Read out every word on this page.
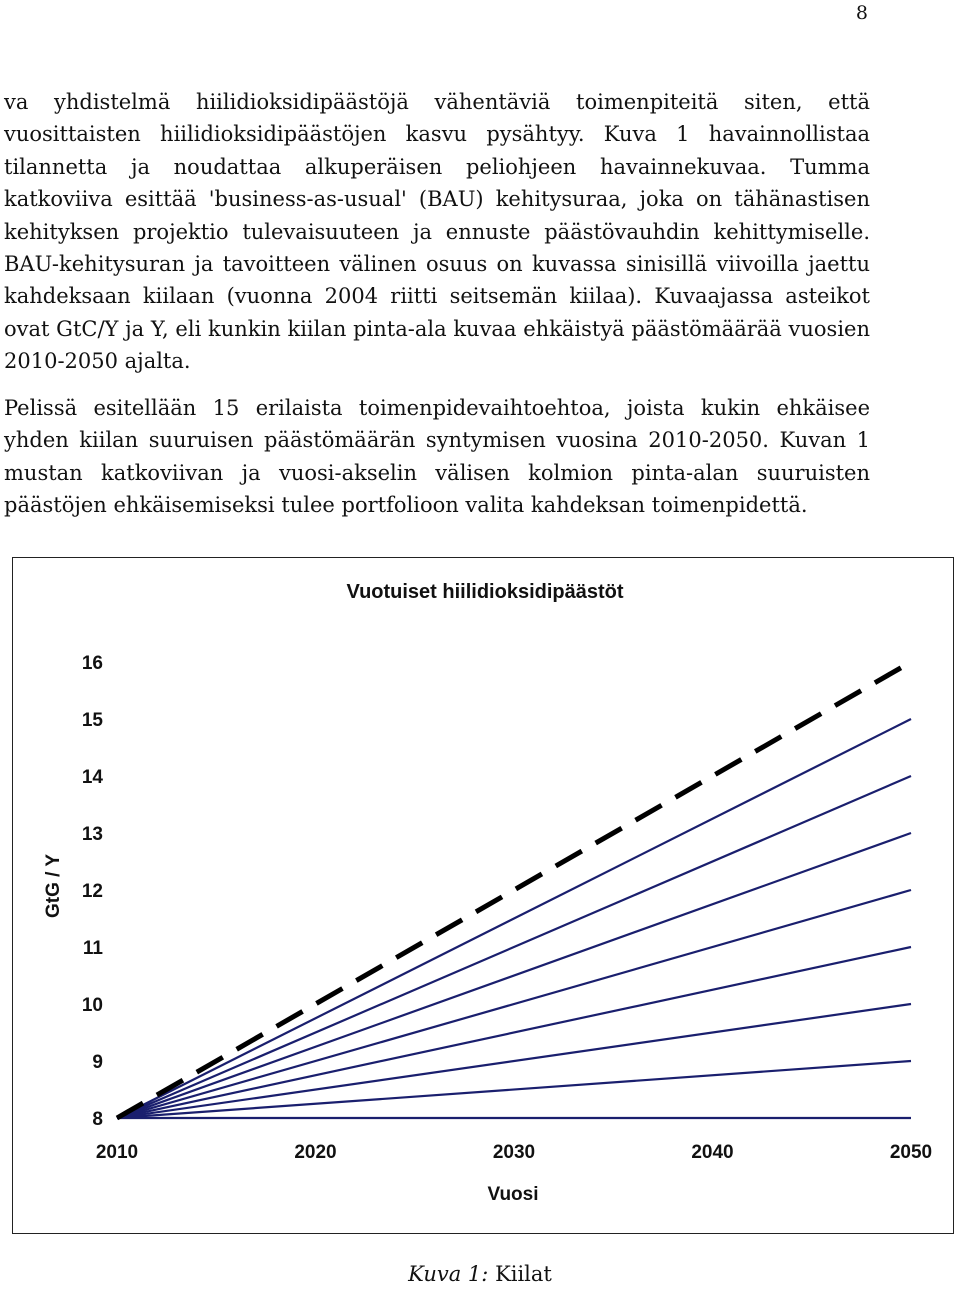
8

va yhdistelmä hiilidioksidipäästöjä vähentäviä toimenpiteitä siten, että vuosittaisten hiilidioksidipäästöjen kasvu pysähtyy. Kuva 1 havainnollistaa tilannetta ja noudattaa alkuperäisen peliohjeen havainnekuvaa. Tumma katkoviiva esittää 'business-as-usual' (BAU) kehitysuraa, joka on tähänastisen kehityksen projektio tulevaisuuteen ja ennuste päästövauhdin kehittymiselle. BAU-kehitysuran ja tavoitteen välinen osuus on kuvassa sinisillä viivoilla jaettu kahdeksaan kiilaan (vuonna 2004 riitti seitsemän kiilaa). Kuvaajassa asteikot ovat GtC/Y ja Y, eli kunkin kiilan pinta-ala kuvaa ehkäistyä päästömäärää vuosien 2010-2050 ajalta.

Pelissä esitellään 15 erilaista toimenpidevaihtoehtoa, joista kukin ehkäisee yhden kiilan suuruisen päästömäärän syntymisen vuosina 2010-2050. Kuvan 1 mustan katkoviivan ja vuosi-akselin välisen kolmion pinta-alan suuruisten päästöjen ehkäisemiseksi tulee portfolioon valita kahdeksan toimenpidettä.

Vuotuiset hiilidioksidipäästöt
8
9
10
11
12
13
14
15
16
2010	2020	2030	2040	2050
GtG / Y
Vuosi
Kuva 1: Kiilat
